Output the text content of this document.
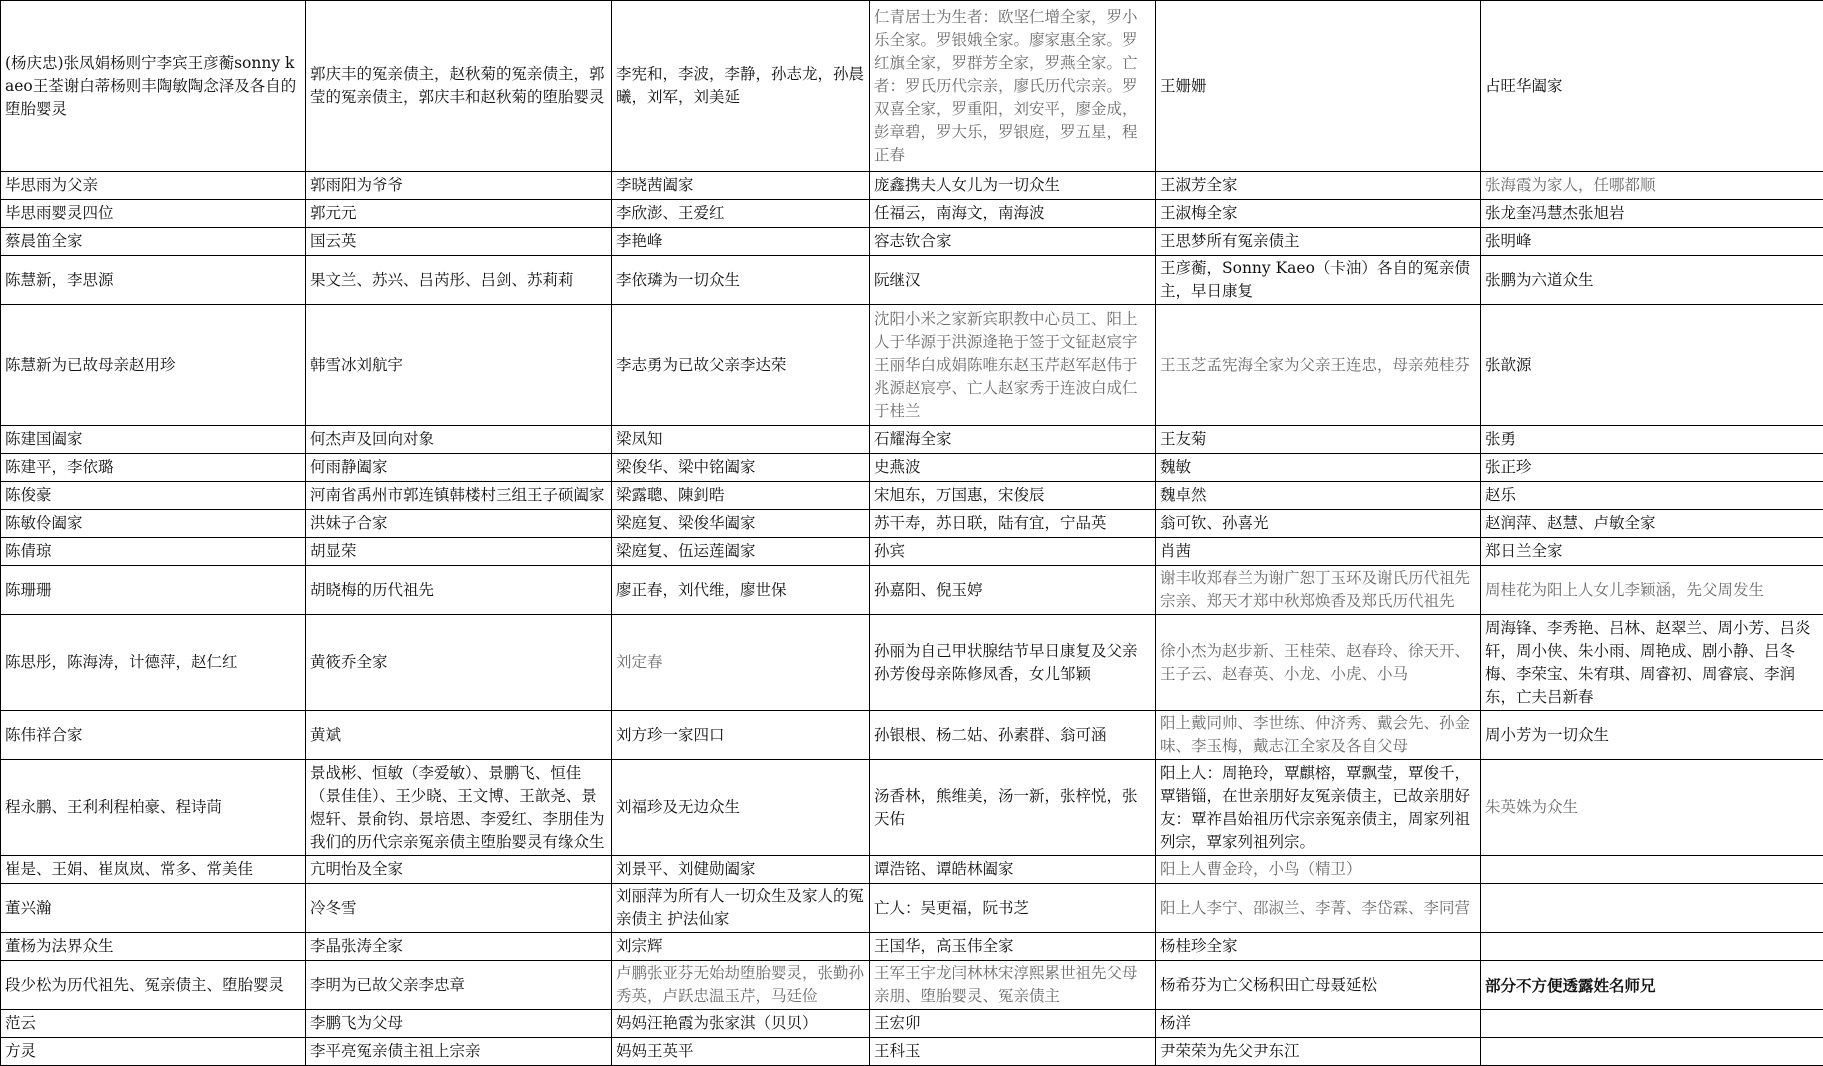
(杨庆忠)张凤娟杨则宁李宾王彦蘅sonny kaeo王荃谢白蒂杨则丰陶敏陶念泽及各自的堕胎婴灵	郭庆丰的冤亲债主，赵秋菊的冤亲债主，郭莹的冤亲债主，郭庆丰和赵秋菊的堕胎婴灵	李宪和，李波，李静，孙志龙，孙晨曦，刘军，刘美延	仁青居士为生者：欧坚仁增全家，罗小乐全家。罗银娥全家。廖家惠全家。罗红旗全家，罗群芳全家，罗燕全家。亡者：罗氏历代宗亲，廖氏历代宗亲。罗双喜全家，罗重阳，刘安平，廖金成，彭章碧，罗大乐，罗银庭，罗五星，程正春	王姗姗	占旺华阖家
毕思雨为父亲	郭雨阳为爷爷	李晓茜阖家	庞鑫携夫人女儿为一切众生	王淑芳全家	张海霞为家人，任哪都顺
毕思雨婴灵四位	郭元元	李欣澎、王爱红	任福云，南海文，南海波	王淑梅全家	张龙奎冯慧杰张旭岩
蔡晨笛全家	国云英	李艳峰	容志钦合家	王思梦所有冤亲债主	张明峰
陈慧新，李思源	果文兰、苏兴、吕芮彤、吕剑、苏莉莉	李依璘为一切众生	阮继汉	王彦蘅，Sonny Kaeo（卡油）各自的冤亲债主，早日康复	张鹏为六道众生
陈慧新为已故母亲赵用珍	韩雪冰刘航宇	李志勇为已故父亲李达荣	沈阳小米之家新宾职教中心员工、阳上人于华源于洪源逄艳于签于文钲赵宸宇王丽华白成娟陈唯东赵玉芹赵军赵伟于兆源赵宸亭、亡人赵家秀于连波白成仁于桂兰	王玉芝孟宪海全家为父亲王连忠，母亲苑桂芬	张歆源
陈建国阖家	何杰声及回向对象	梁凤知	石耀海全家	王友菊	张勇
陈建平，李依璐	何雨静阖家	梁俊华、梁中铭阖家	史燕波	魏敏	张正珍
陈俊豪	河南省禹州市郭连镇韩楼村三组王子硕阖家	梁露聰、陳釗晧	宋旭东，万国惠，宋俊辰	魏卓然	赵乐
陈敏伶阖家	洪妹子合家	梁庭复、梁俊华阖家	苏干寿，苏日联，陆有宜，宁品英	翁可钦、孙喜光	赵润萍、赵慧、卢敏全家
陈倩琼	胡显荣	梁庭复、伍运莲阖家	孙宾	肖茜	郑日兰全家
陈珊珊	胡晓梅的历代祖先	廖正春，刘代维，廖世保	孙嘉阳、倪玉婷	谢丰收郑春兰为谢广恕丁玉环及谢氏历代祖先宗亲、郑天才郑中秋郑焕香及郑氏历代祖先	周桂花为阳上人女儿李颖涵，先父周发生
陈思彤，陈海涛，计德萍，赵仁红	黄筱乔全家	刘定春	孙丽为自己甲状腺结节早日康复及父亲孙芳俊母亲陈修凤香，女儿邹颖	徐小杰为赵步新、王桂荣、赵春玲、徐天开、王子云、赵春英、小龙、小虎、小马	周海锋、李秀艳、吕林、赵翠兰、周小芳、吕炎轩，周小侠、朱小雨、周艳成、剧小静、吕冬梅、李荣宝、朱宥琪、周睿初、周睿宸、李润东，亡夫吕新春
陈伟祥合家	黄斌	刘方珍一家四口	孙银根、杨二姑、孙素群、翁可涵	阳上戴同帅、李世练、仲济秀、戴会先、孙金味、李玉梅，戴志江全家及各自父母	周小芳为一切众生
程永鹏、王利利程柏豪、程诗茼	景战彬、恒敏（李爱敏）、景鹏飞、恒佳（景佳佳）、王少晓、王文博、王歆尧、景煜轩、景俞钧、景培恩、李爱红、李朋佳为我们的历代宗亲冤亲债主堕胎婴灵有缘众生	刘福珍及无边众生	汤香林，熊维美，汤一新，张梓悦，张天佑	阳上人：周艳玲，覃麒榕，覃飘莹，覃俊千，覃锴锱，在世亲朋好友冤亲债主，已故亲朋好友：覃祚昌始祖历代宗亲冤亲债主，周家列祖列宗，覃家列祖列宗。	朱英姝为众生
崔是、王娟、崔岚岚、常多、常美佳	亢明怡及全家	刘景平、刘健勋阖家	谭浩铭、谭皓林阖家	阳上人曹金玲，小鸟（精卫）	
董兴瀚	冷冬雪	刘丽萍为所有人一切众生及家人的冤亲债主 护法仙家	亡人：吴更福，阮书芝	阳上人李宁、邵淑兰、李菁、李岱霖、李同营	
董杨为法界众生	李晶张涛全家	刘宗辉	王国华，高玉伟全家	杨桂珍全家	
段少松为历代祖先、冤亲债主、堕胎婴灵	李明为已故父亲李忠章	卢鹏张亚芬无始劫堕胎婴灵，张勤孙秀英，卢跃忠温玉芹，马廷俭	王军王宇龙闫林林宋淳熙累世祖先父母亲朋、堕胎婴灵、冤亲债主	杨希芬为亡父杨积田亡母聂延松	部分不方便透露姓名师兄
范云	李鹏飞为父母	妈妈汪艳霞为张家淇（贝贝）	王宏卯	杨洋	
方灵	李平亮冤亲债主祖上宗亲	妈妈王英平	王科玉	尹荣荣为先父尹东江	
